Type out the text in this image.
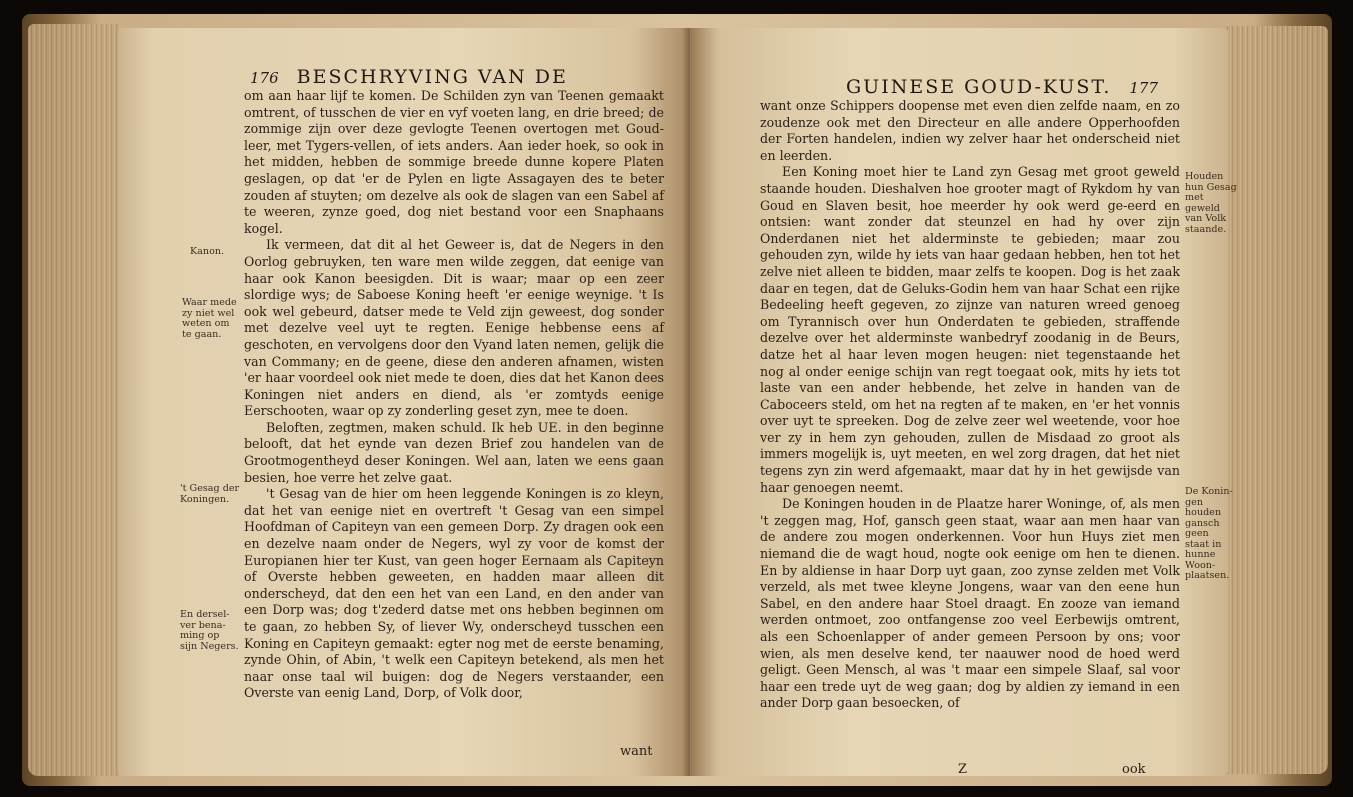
176 BESCHRYVING VAN DE

om aan haar lijf te komen. De Schilden zyn van Teenen gemaakt omtrent, of tusschen de vier en vyf voeten lang, en drie breed; de zommige zijn over deze gevlogte Teenen overtogen met Goud-leer, met Tygers-vellen, of iets anders. Aan ieder hoek, so ook in het midden, hebben de sommige breede dunne kopere Platen geslagen, op dat 'er de Pylen en ligte Assagayen des te beter zouden af stuyten; om dezelve als ook de slagen van een Sabel af te weeren, zynze goed, dog niet bestand voor een Snaphaans kogel.

Ik vermeen, dat dit al het Geweer is, dat de Negers in den Oorlog gebruyken, ten ware men wilde zeggen, dat eenige van haar ook Kanon beesigden. Dit is waar; maar op een zeer slordige wys; de Saboese Koning heeft 'er eenige weynige. 't Is ook wel gebeurd, datser mede te Veld zijn geweest, dog sonder met dezelve veel uyt te regten. Eenige hebbense eens af geschoten, en vervolgens door den Vyand laten nemen, gelijk die van Commany; en de geene, diese den anderen afnamen, wisten 'er haar voordeel ook niet mede te doen, dies dat het Kanon dees Koningen niet anders en diend, als 'er zomtyds eenige Eerschooten, waar op zy zonderling geset zyn, mee te doen.

Beloften, zegtmen, maken schuld. Ik heb UE. in den beginne belooft, dat het eynde van dezen Brief zou handelen van de Grootmogentheyd deser Koningen. Wel aan, laten we eens gaan besien, hoe verre het zelve gaat.

't Gesag van de hier om heen leggende Koningen is zo kleyn, dat het van eenige niet en overtreft 't Gesag van een simpel Hoofdman of Capiteyn van een gemeen Dorp. Zy dragen ook een en dezelve naam onder de Negers, wyl zy voor de komst der Europianen hier ter Kust, van geen hoger Eernaam als Capiteyn of Overste hebben geweeten, en hadden maar alleen dit onderscheyd, dat den een het van een Land, en den ander van een Dorp was; dog t'zederd datse met ons hebben beginnen om te gaan, zo hebben Sy, of liever Wy, onderscheyd tusschen een Koning en Capiteyn gemaakt: egter nog met de eerste benaming, zynde Ohin, of Abin, 't welk een Capiteyn betekend, als men het naar onse taal wil buigen: dog de Negers verstaander, een Overste van eenig Land, Dorp, of Volk door,

Kanon.
Waar mede
zy niet wel
weten om
te gaan.
't Gesag der
Koningen.
En dersel-
ver bena-
ming op
sijn Negers.
want
GUINESE GOUD-KUST. 177

want onze Schippers doopense met even dien zelfde naam, en zo zoudenze ook met den Directeur en alle andere Opperhoofden der Forten handelen, indien wy zelver haar het onderscheid niet en leerden.

Een Koning moet hier te Land zyn Gesag met groot geweld staande houden. Dieshalven hoe grooter magt of Rykdom hy van Goud en Slaven besit, hoe meerder hy ook werd ge-eerd en ontsien: want zonder dat steunzel en had hy over zijn Onderdanen niet het alderminste te gebieden; maar zou gehouden zyn, wilde hy iets van haar gedaan hebben, hen tot het zelve niet alleen te bidden, maar zelfs te koopen. Dog is het zaak daar en tegen, dat de Geluks-Godin hem van haar Schat een rijke Bedeeling heeft gegeven, zo zijnze van naturen wreed genoeg om Tyrannisch over hun Onderdaten te gebieden, straffende dezelve over het alderminste wanbedryf zoodanig in de Beurs, datze het al haar leven mogen heugen: niet tegenstaande het nog al onder eenige schijn van regt toegaat ook, mits hy iets tot laste van een ander hebbende, het zelve in handen van de Caboceers steld, om het na regten af te maken, en 'er het vonnis over uyt te spreeken. Dog de zelve zeer wel weetende, voor hoe ver zy in hem zyn gehouden, zullen de Misdaad zo groot als immers mogelijk is, uyt meeten, en wel zorg dragen, dat het niet tegens zyn zin werd afgemaakt, maar dat hy in het gewijsde van haar genoegen neemt.

De Koningen houden in de Plaatze harer Woninge, of, als men 't zeggen mag, Hof, gansch geen staat, waar aan men haar van de andere zou mogen onderkennen. Voor hun Huys ziet men niemand die de wagt houd, nogte ook eenige om hen te dienen. En by aldiense in haar Dorp uyt gaan, zoo zynse zelden met Volk verzeld, als met twee kleyne Jongens, waar van den eene hun Sabel, en den andere haar Stoel draagt. En zooze van iemand werden ontmoet, zoo ontfangense zoo veel Eerbewijs omtrent, als een Schoenlapper of ander gemeen Persoon by ons; voor wien, als men deselve kend, ter naauwer nood de hoed werd geligt. Geen Mensch, al was 't maar een simpele Slaaf, sal voor haar een trede uyt de weg gaan; dog by aldien zy iemand in een ander Dorp gaan besoecken, of

Houden
hun Gesag
met geweld
van Volk
staande.
De Konin-
gen houden
gansch geen
staat in
hunne
Woon-
plaatsen.
Z	ook
